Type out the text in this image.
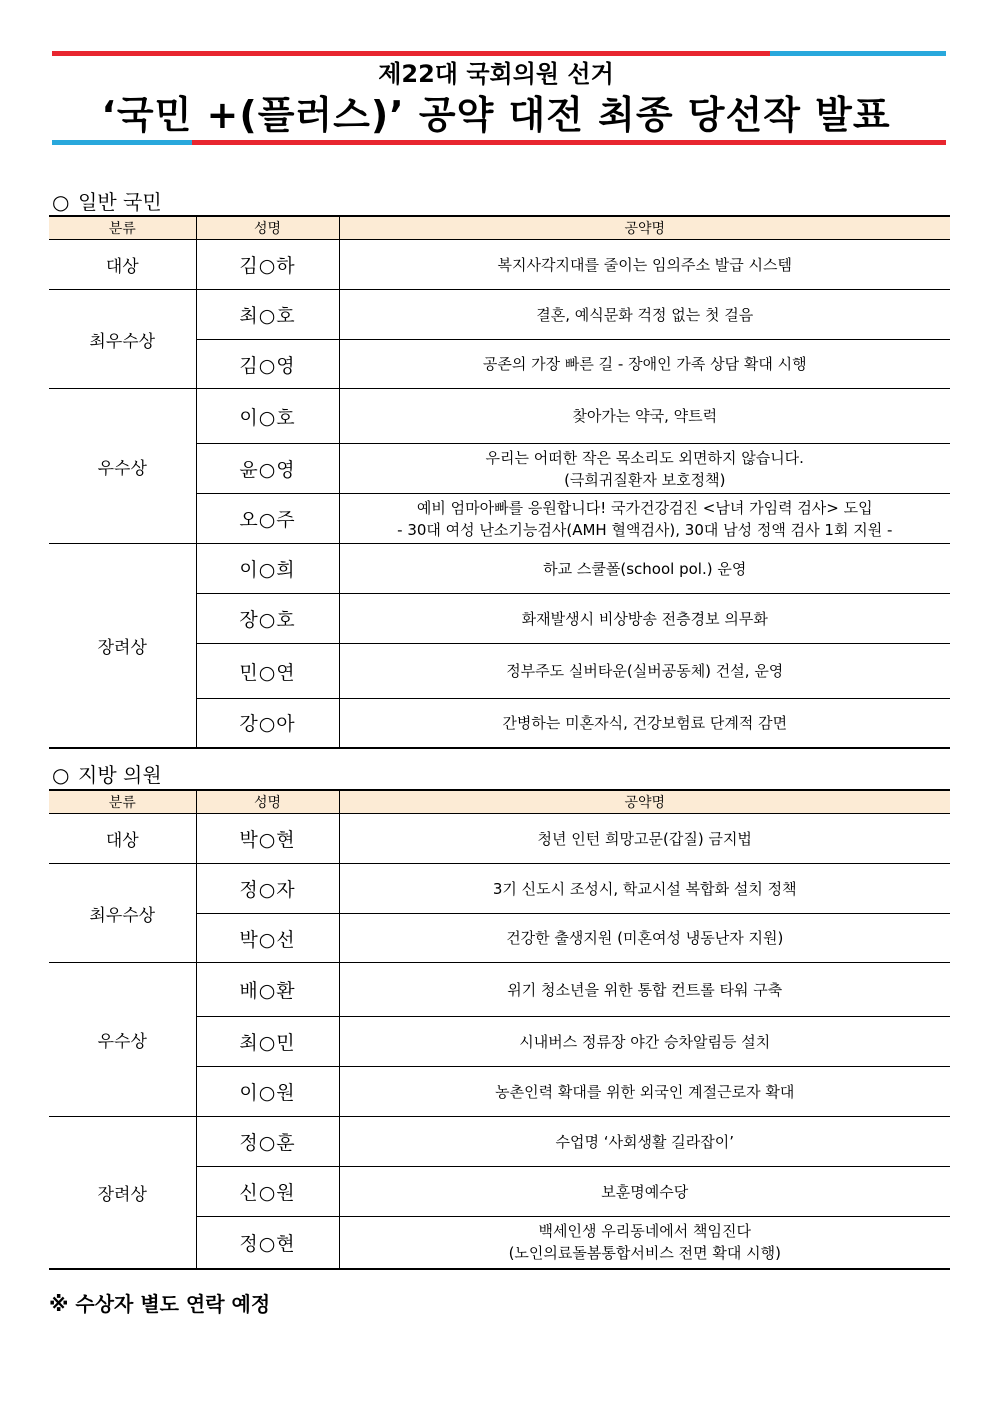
제22대 국회의원 선거
‘국민 +(플러스)’ 공약 대전 최종 당선작 발표
○ 일반 국민
분류	성명	공약명
대상	김○하	복지사각지대를 줄이는 임의주소 발급 시스템

최우수상	최○호	결혼, 예식문화 걱정 없는 첫 걸음

	김○영	공존의 가장 빠른 길 - 장애인 가족 상담 확대 시행

우수상	이○호	찾아가는 약국, 약트럭

	윤○영	우리는 어떠한 작은 목소리도 외면하지 않습니다.
(극희귀질환자 보호정책)

	오○주	예비 엄마아빠를 응원합니다! 국가건강검진 <남녀 가임력 검사> 도입
- 30대 여성 난소기능검사(AMH 혈액검사), 30대 남성 정액 검사 1회 지원 -

장려상	이○희	하교 스쿨폴(school pol.) 운영

	장○호	화재발생시 비상방송 전층경보 의무화

	민○연	정부주도 실버타운(실버공동체) 건설, 운영

	강○아	간병하는 미혼자식, 건강보험료 단계적 감면
○ 지방 의원
분류	성명	공약명
대상	박○현	청년 인턴 희망고문(갑질) 금지법

최우수상	정○자	3기 신도시 조성시, 학교시설 복합화 설치 정책

	박○선	건강한 출생지원 (미혼여성 냉동난자 지원)

우수상	배○환	위기 청소년을 위한 통합 컨트롤 타워 구축

	최○민	시내버스 정류장 야간 승차알림등 설치

	이○원	농촌인력 확대를 위한 외국인 계절근로자 확대

장려상	정○훈	수업명 ‘사회생활 길라잡이’

	신○원	보훈명예수당

	정○현	백세인생 우리동네에서 책임진다
(노인의료돌봄통합서비스 전면 확대 시행)
※ 수상자 별도 연락 예정
